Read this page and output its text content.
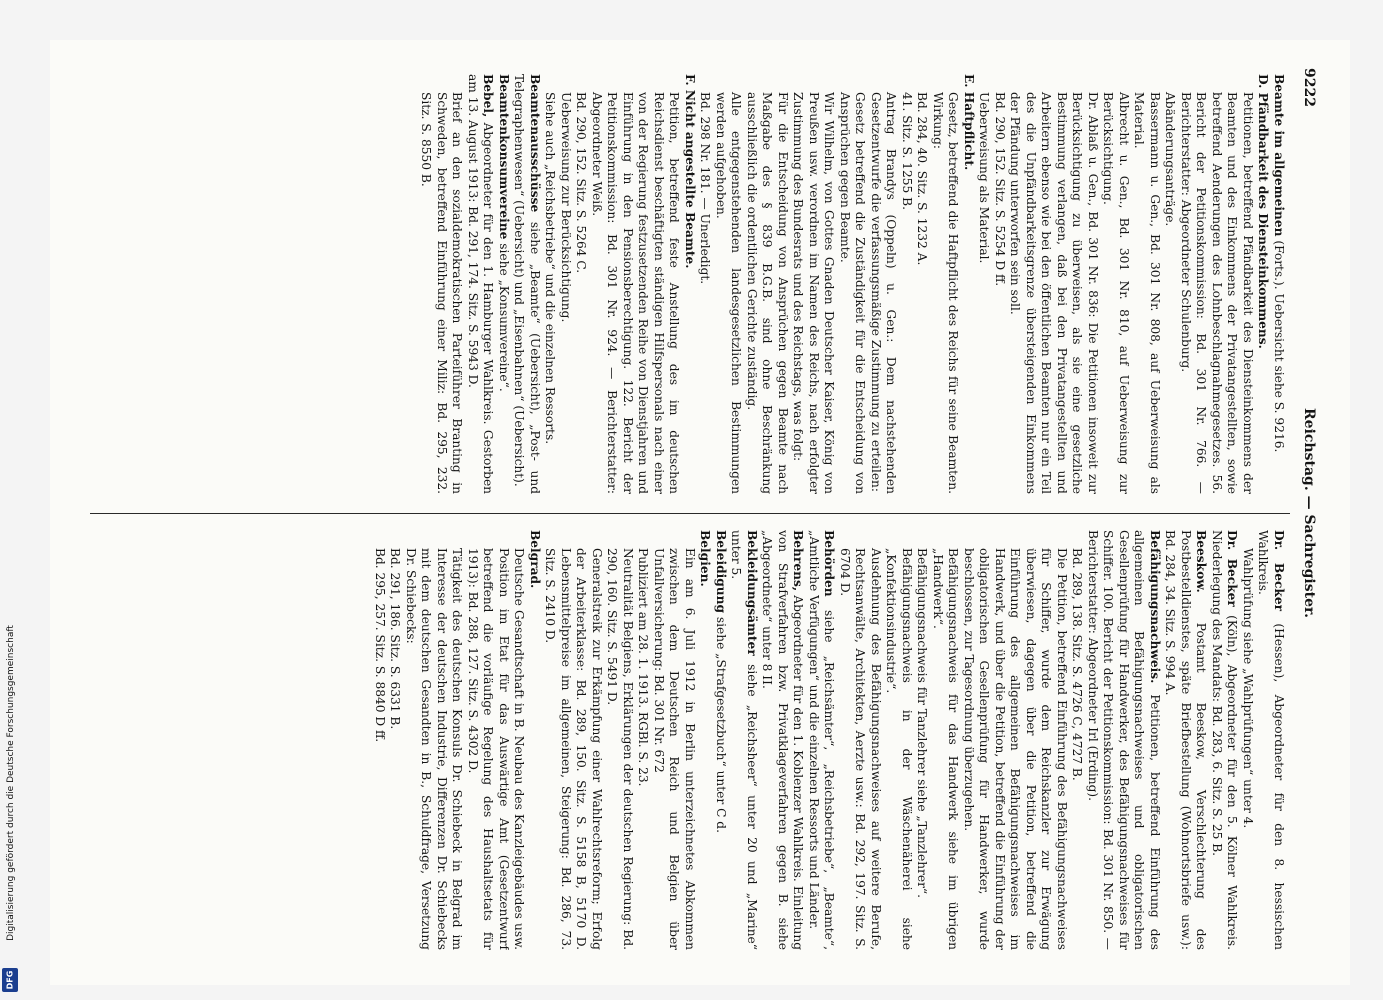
Digitalisierung gefördert durch die Deutsche Forschungsgemeinschaft
DFG
9222
Reichstag. — Sachregister.

Beamte im allgemeinen (Forts.). Uebersicht siehe S. 9216.

D. Pfändbarkeit des Diensteinkommens.

Petitionen, betreffend Pfändbarkeit des Diensteinkommens der Beamten und des Einkommens der Privatangestellten, sowie betreffend Aenderungen des Lohnbeschlagnahmegesetzes. 56. Bericht der Petitionskommission: Bd. 301 Nr. 766. — Berichterstatter: Abgeordneter Schulenburg.

Abänderungsanträge.

Bassermann u. Gen., Bd. 301 Nr. 808, auf Ueberweisung als Material.

Albrecht u. Gen., Bd. 301 Nr. 810, auf Ueberweisung zur Berücksichtigung.

Dr. Ablaß u. Gen., Bd. 301 Nr. 836: Die Petitionen insoweit zur Berücksichtigung zu überweisen, als sie eine gesetzliche Bestimmung verlangen, daß bei den Privatangestellten und Arbeitern ebenso wie bei den öffentlichen Beamten nur ein Teil des die Unpfändbarkeitsgrenze übersteigenden Einkommens der Pfändung unterworfen sein soll.

Bd. 290, 152. Sitz. S. 5254 D ff.

Ueberweisung als Material.

E. Haftpflicht.

Gesetz, betreffend die Haftpflicht des Reichs für seine Beamten. Wirkung:

Bd. 284, 40. Sitz. S. 1232 A.

41. Sitz. S. 1255 B.

Antrag Brandys (Oppeln) u. Gen.: Dem nachstehenden Gesetzentwurfe die verfassungsmäßige Zustimmung zu erteilen:

Gesetz betreffend die Zuständigkeit für die Entscheidung von Ansprüchen gegen Beamte.

Wir Wilhelm, von Gottes Gnaden Deutscher Kaiser, König von Preußen usw. verordnen im Namen des Reichs, nach erfolgter Zustimmung des Bundesrats und des Reichstags, was folgt:

Für die Entscheidung von Ansprüchen gegen Beamte nach Maßgabe des § 839 B.G.B. sind ohne Beschränkung ausschließlich die ordentlichen Gerichte zuständig.

Alle entgegenstehenden landesgesetzlichen Bestimmungen werden aufgehoben.

Bd. 298 Nr. 181. — Unerledigt.

F. Nicht angestellte Beamte.

Petition, betreffend feste Anstellung des im deutschen Reichsdienst beschäftigten ständigen Hilfspersonals nach einer von der Regierung festzusetzenden Reihe von Dienstjahren und Einführung in den Pensionsberechtigung. 122. Bericht der Petitionskommission: Bd. 301 Nr. 924. — Berichterstatter: Abgeordneter Weiß.

Bd. 290, 152. Sitz. S. 5264 C.

Ueberweisung zur Berücksichtigung.

Siehe auch „Reichsbetriebe“ und die einzelnen Ressorts.

Beamtenausschüsse siehe „Beamte“ (Uebersicht), „Post- und Telegraphenwesen“ (Uebersicht) und „Eisenbahnen“ (Uebersicht).

Beamtenkonsumvereine siehe „Konsumvereine“.

Bebel, Abgeordneter für den 1. Hamburger Wahlkreis. Gestorben am 13. August 1913: Bd. 291, 174. Sitz. S. 5943 D.

Brief an den sozialdemokratischen Parteiführer Branting in Schweden, betreffend Einführung einer Miliz: Bd. 295, 232. Sitz. S. 8550 B.

Dr. Becker (Hessen), Abgeordneter für den 8. hessischen Wahlkreis.

Wahlprüfung siehe „Wahlprüfungen“ unter 4.

Dr. Becker (Köln), Abgeordneter für den 5. Kölner Wahlkreis. Niederlegung des Mandats: Bd. 283, 6. Sitz. S. 25 B.

Beeskow. Postamt Beeskow, Verschlechterung des Postbestelldienstes, späte Briefbestellung (Wohnortsbriefe usw.): Bd. 284, 34. Sitz. S. 994 A.

Befähigungsnachweis. Petitionen, betreffend Einführung des allgemeinen Befähigungsnachweises und obligatorischen Gesellenprüfung für Handwerker, des Befähigungsnachweises für Schiffer. 100. Bericht der Petitionskommission: Bd. 301 Nr. 850. — Berichterstatter: Abgeordneter Irl (Erding).

Bd. 289, 138. Sitz. S. 4726 C, 4727 B.

Die Petition, betreffend Einführung des Befähigungsnachweises für Schiffer, wurde dem Reichskanzler zur Erwägung überwiesen, dagegen über die Petition, betreffend die Einführung des allgemeinen Befähigungsnachweises im Handwerk, und über die Petition, betreffend die Einführung der obligatorischen Gesellenprüfung für Handwerker, wurde beschlossen, zur Tagesordnung überzugehen.

Befähigungsnachweis für das Handwerk siehe im übrigen „Handwerk“.

Befähigungsnachweis für Tanzlehrer siehe „Tanzlehrer“.

Befähigungsnachweis in der Wäschenäherei siehe „Konfektionsindustrie“.

Ausdehnung des Befähigungsnachweises auf weitere Berufe, Rechtsanwälte, Architekten, Aerzte usw.: Bd. 292, 197. Sitz. S. 6704 D.

Behörden siehe „Reichsämter“, „Reichsbetriebe“, „Beamte“, „Amtliche Verfügungen“ und die einzelnen Ressorts und Länder.

Behrens, Abgeordneter für den 1. Koblenzer Wahlkreis. Einleitung von Strafverfahren bzw. Privatklageverfahren gegen B. siehe „Abgeordnete“ unter 8 II.

Bekleidungsämter siehe „Reichsheer“ unter 20 und „Marine“ unter 5.

Beleidigung siehe „Strafgesetzbuch“ unter C d.

Belgien.

Ein am 6. Juli 1912 in Berlin unterzeichnetes Abkommen zwischen dem Deutschen Reich und Belgien über Unfallversicherung: Bd. 301 Nr. 672

Publiziert am 28. 1. 1913. RGBl. S. 23.

Neutralität Belgiens, Erklärungen der deutschen Regierung: Bd. 290, 160. Sitz. S. 5491 D.

Generalstreik zur Erkämpfung einer Wahlrechtsreform; Erfolg der Arbeiterklasse: Bd. 289, 150. Sitz. S. 5158 B, 5170 D. Lebensmittelpreise im allgemeinen, Steigerung: Bd. 286, 73. Sitz. S. 2410 D.

Belgrad.

Deutsche Gesandtschaft in B. Neubau des Kanzleigebäudes usw. Position im Etat für das Auswärtige Amt (Gesetzentwurf betreffend die vorläufige Regelung des Haushaltsetats für 1913): Bd. 288, 127. Sitz. S. 4302 D.

Tätigkeit des deutschen Konsuls Dr. Schiebeck in Belgrad im Interesse der deutschen Industrie, Differenzen Dr. Schiebecks mit dem deutschen Gesandten in B., Schuldfrage, Versetzung Dr. Schiebecks:

Bd. 291, 186. Sitz. S. 6331 B.

Bd. 295, 257. Sitz. S. 8840 D ff.
